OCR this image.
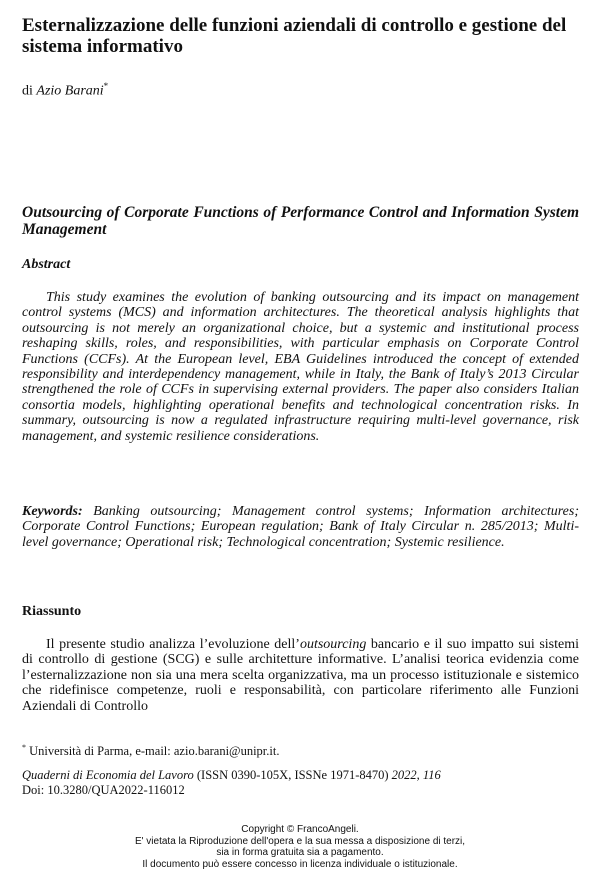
Esternalizzazione delle funzioni aziendali di controllo e gestione del sistema informativo
di Azio Barani*
Outsourcing of Corporate Functions of Performance Control and Information System Management
Abstract
This study examines the evolution of banking outsourcing and its impact on management control systems (MCS) and information architectures. The theoretical analysis highlights that outsourcing is not merely an organizational choice, but a systemic and institutional process reshaping skills, roles, and responsibilities, with particular emphasis on Corporate Control Functions (CCFs). At the European level, EBA Guidelines introduced the concept of extended responsibility and interdependency management, while in Italy, the Bank of Italy’s 2013 Circular strengthened the role of CCFs in supervising external providers. The paper also considers Italian consortia models, highlighting operational benefits and technological concentration risks. In summary, outsourcing is now a regulated infrastructure requiring multi-level governance, risk management, and systemic resilience considerations.
Keywords: Banking outsourcing; Management control systems; Information architectures; Corporate Control Functions; European regulation; Bank of Italy Circular n. 285/2013; Multi-level governance; Operational risk; Technological concentration; Systemic resilience.
Riassunto
Il presente studio analizza l’evoluzione dell’outsourcing bancario e il suo impatto sui sistemi di controllo di gestione (SCG) e sulle architetture informative. L’analisi teorica evidenzia come l’esternalizzazione non sia una mera scelta organizzativa, ma un processo istituzionale e sistemico che ridefinisce competenze, ruoli e responsabilità, con particolare riferimento alle Funzioni Aziendali di Controllo
* Università di Parma, e-mail: azio.barani@unipr.it.
Quaderni di Economia del Lavoro (ISSN 0390-105X, ISSNe 1971-8470) 2022, 116
Doi: 10.3280/QUA2022-116012
Copyright © FrancoAngeli.
E' vietata la Riproduzione dell'opera e la sua messa a disposizione di terzi,
sia in forma gratuita sia a pagamento.
Il documento può essere concesso in licenza individuale o istituzionale.
